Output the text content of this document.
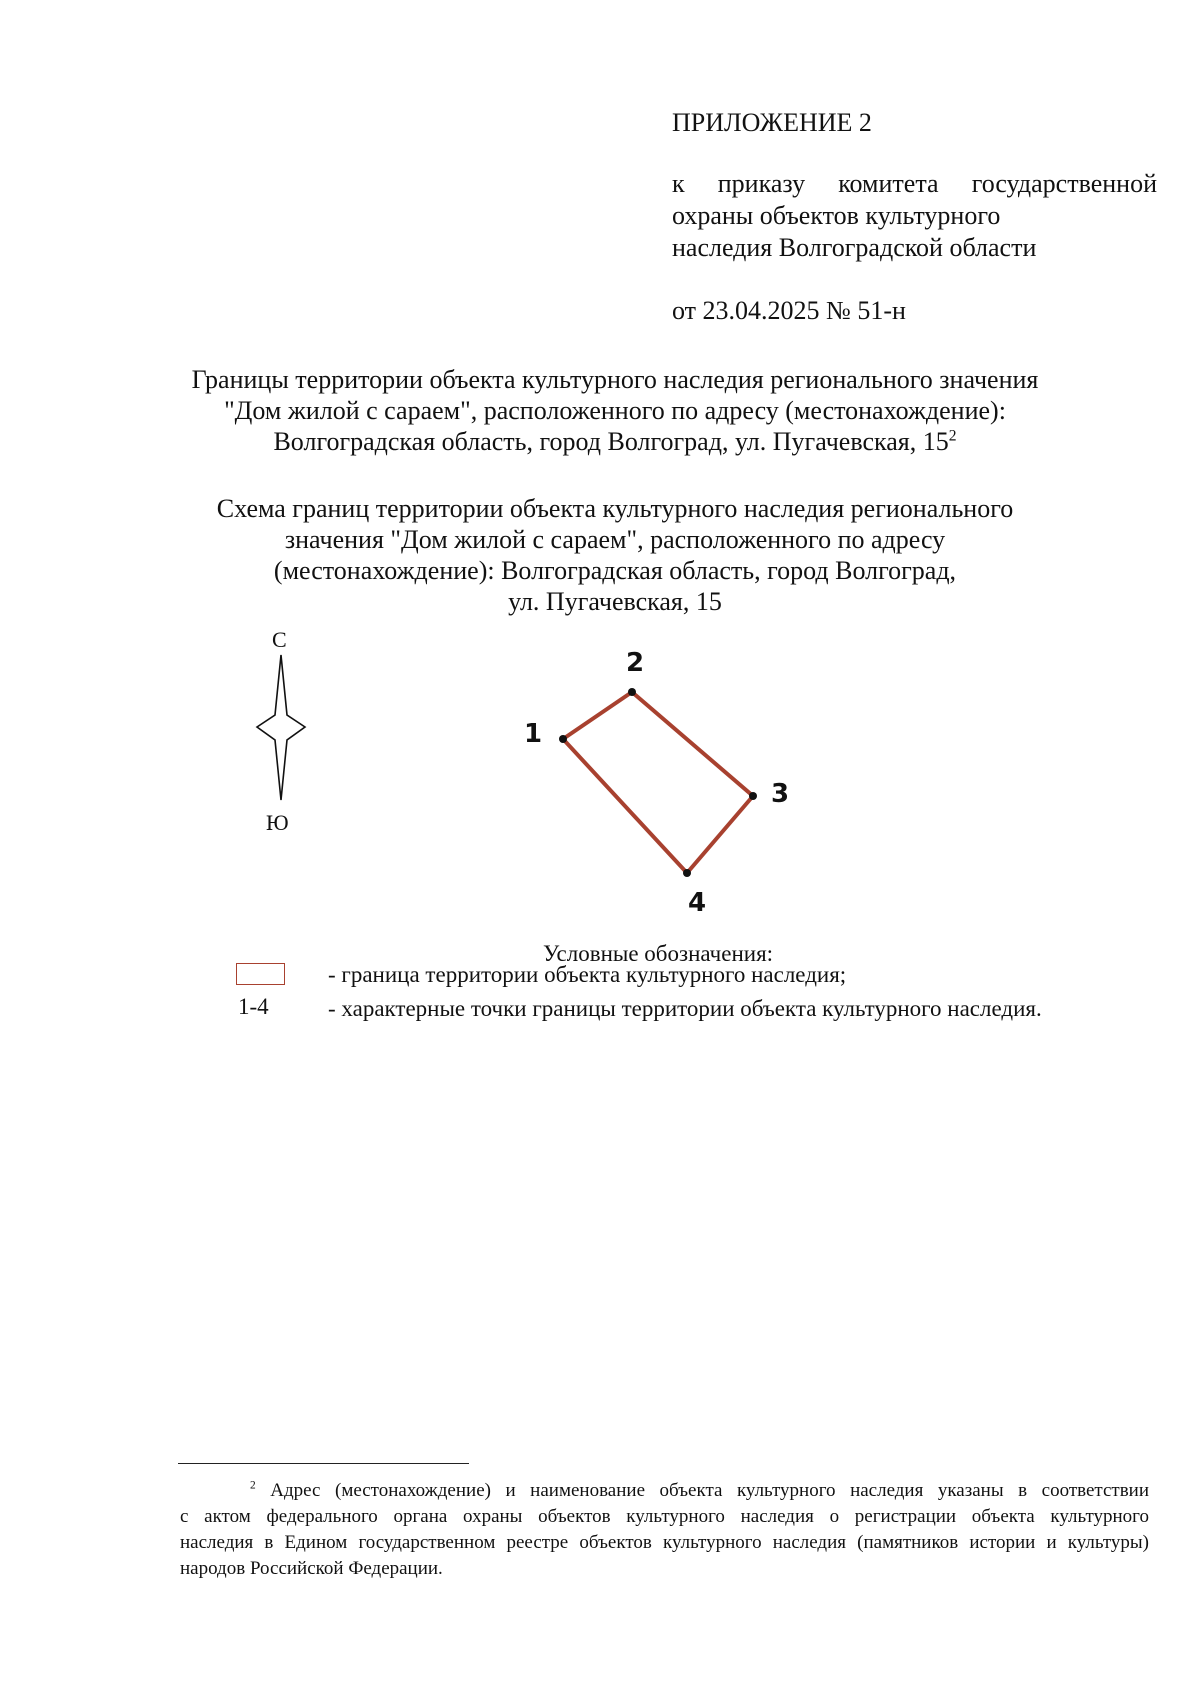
ПРИЛОЖЕНИЕ 2
к приказу комитета государственной
охраны объектов культурного
наследия Волгоградской области
от 23.04.2025 № 51-н
Границы территории объекта культурного наследия регионального значения
"Дом жилой с сараем", расположенного по адресу (местонахождение):
Волгоградская область, город Волгоград, ул. Пугачевская, $15^2$
Схема границ территории объекта культурного наследия регионального
значения "Дом жилой с сараем", расположенного по адресу
(местонахождение): Волгоградская область, город Волгоград,
ул. Пугачевская, 15
С
Ю
1
2
3
4
Условные обозначения:
- граница территории объекта культурного наследия;
1-4	- характерные точки границы территории объекта культурного наследия.
$^2$ Адрес (местонахождение) и наименование объекта культурного наследия указаны в соответствии
с актом федерального органа охраны объектов культурного наследия о регистрации объекта культурного
наследия в Едином государственном реестре объектов культурного наследия (памятников истории и культуры)
народов Российской Федерации.
